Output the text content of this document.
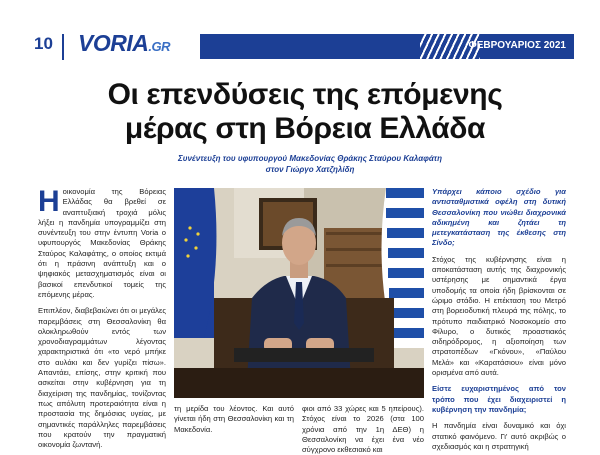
10 VORIA.GR	ΦΕΒΡΟΥΑΡΙΟΣ 2021
Οι επενδύσεις της επόμενης
μέρας στη Βόρεια Ελλάδα
Συνέντευξη του υφυπουργού Μακεδονίας Θράκης Σταύρου Καλαφάτη
στον Γιώργο Χατζηλίδη
Η οικονομία της Βόρειας Ελλάδας θα βρεθεί σε αναπτυξιακή τροχιά μόλις λήξει η πανδημία υπογραμμίζει στη συνέντευξη του στην έντυπη Voria ο υφυπουργός Μακεδονίας Θράκης Σταύρος Καλαφάτης, ο οποίος εκτιμά ότι η πράσινη ανάπτυξη και ο ψηφιακός μετασχηματισμός είναι οι βασικοί επενδυτικοί τομείς της επόμενης μέρας.

Επιπλέον, διαβεβαιώνει ότι οι μεγάλες παρεμβάσεις στη Θεσσαλονίκη θα ολοκληρωθούν εντός των χρονοδιαγραμμάτων λέγοντας χαρακτηριστικά ότι «το νερό μπήκε στο αυλάκι και δεν γυρίζει πίσω». Απαντάει, επίσης, στην κριτική που ασκείται στην κυβέρνηση για τη διαχείριση της πανδημίας, τονίζοντας πως απόλυτη προτεραιότητα είναι η προστασία της δημόσιας υγείας, με σημαντικές παράλληλες παρεμβάσεις που κρατούν την πραγματική οικονομία ζωντανή.

τη μερίδα του λέοντος. Και αυτό γίνεται ήδη στη Θεσσαλονίκη και τη Μακεδονία.
φιοι από 33 χώρες και 5 ηπείρους). Στόχος είναι το 2026 (στα 100 χρόνια από την 1η ΔΕΘ) η Θεσσαλονίκη να έχει ένα νέο σύγχρονο εκθεσιακό και

Υπάρχει κάποιο σχέδιο για αντισταθμιστικά οφέλη στη δυτική Θεσσαλονίκη που νιώθει διαχρονικά αδικημένη και ζητάει τη μετεγκατάσταση της έκθεσης στη Σίνδο;

Στόχος της κυβέρνησης είναι η αποκατάσταση αυτής της διαχρονικής υστέρησης με σημαντικά έργα υποδομής τα οποία ήδη βρίσκονται σε ώριμο στάδιο. Η επέκταση του Μετρό στη βορειοδυτική πλευρά της πόλης, το πρότυπο παιδιατρικό Νοσοκομείο στο Φίλυρο, ο δυτικός προαστιακός σιδηρόδρομος, η αξιοποίηση των στρατοπέδων «Γκόνου», «Παύλου Μελά» και «Καρατάσιου» είναι μόνο ορισμένα από αυτά.

Είστε ευχαριστημένος από τον τρόπο που έχει διαχειριστεί η κυβέρνηση την πανδημία;

Η πανδημία είναι δυναμικό και όχι στατικό φαινόμενο. Γι' αυτό ακριβώς ο σχεδιασμός και η στρατηγική
